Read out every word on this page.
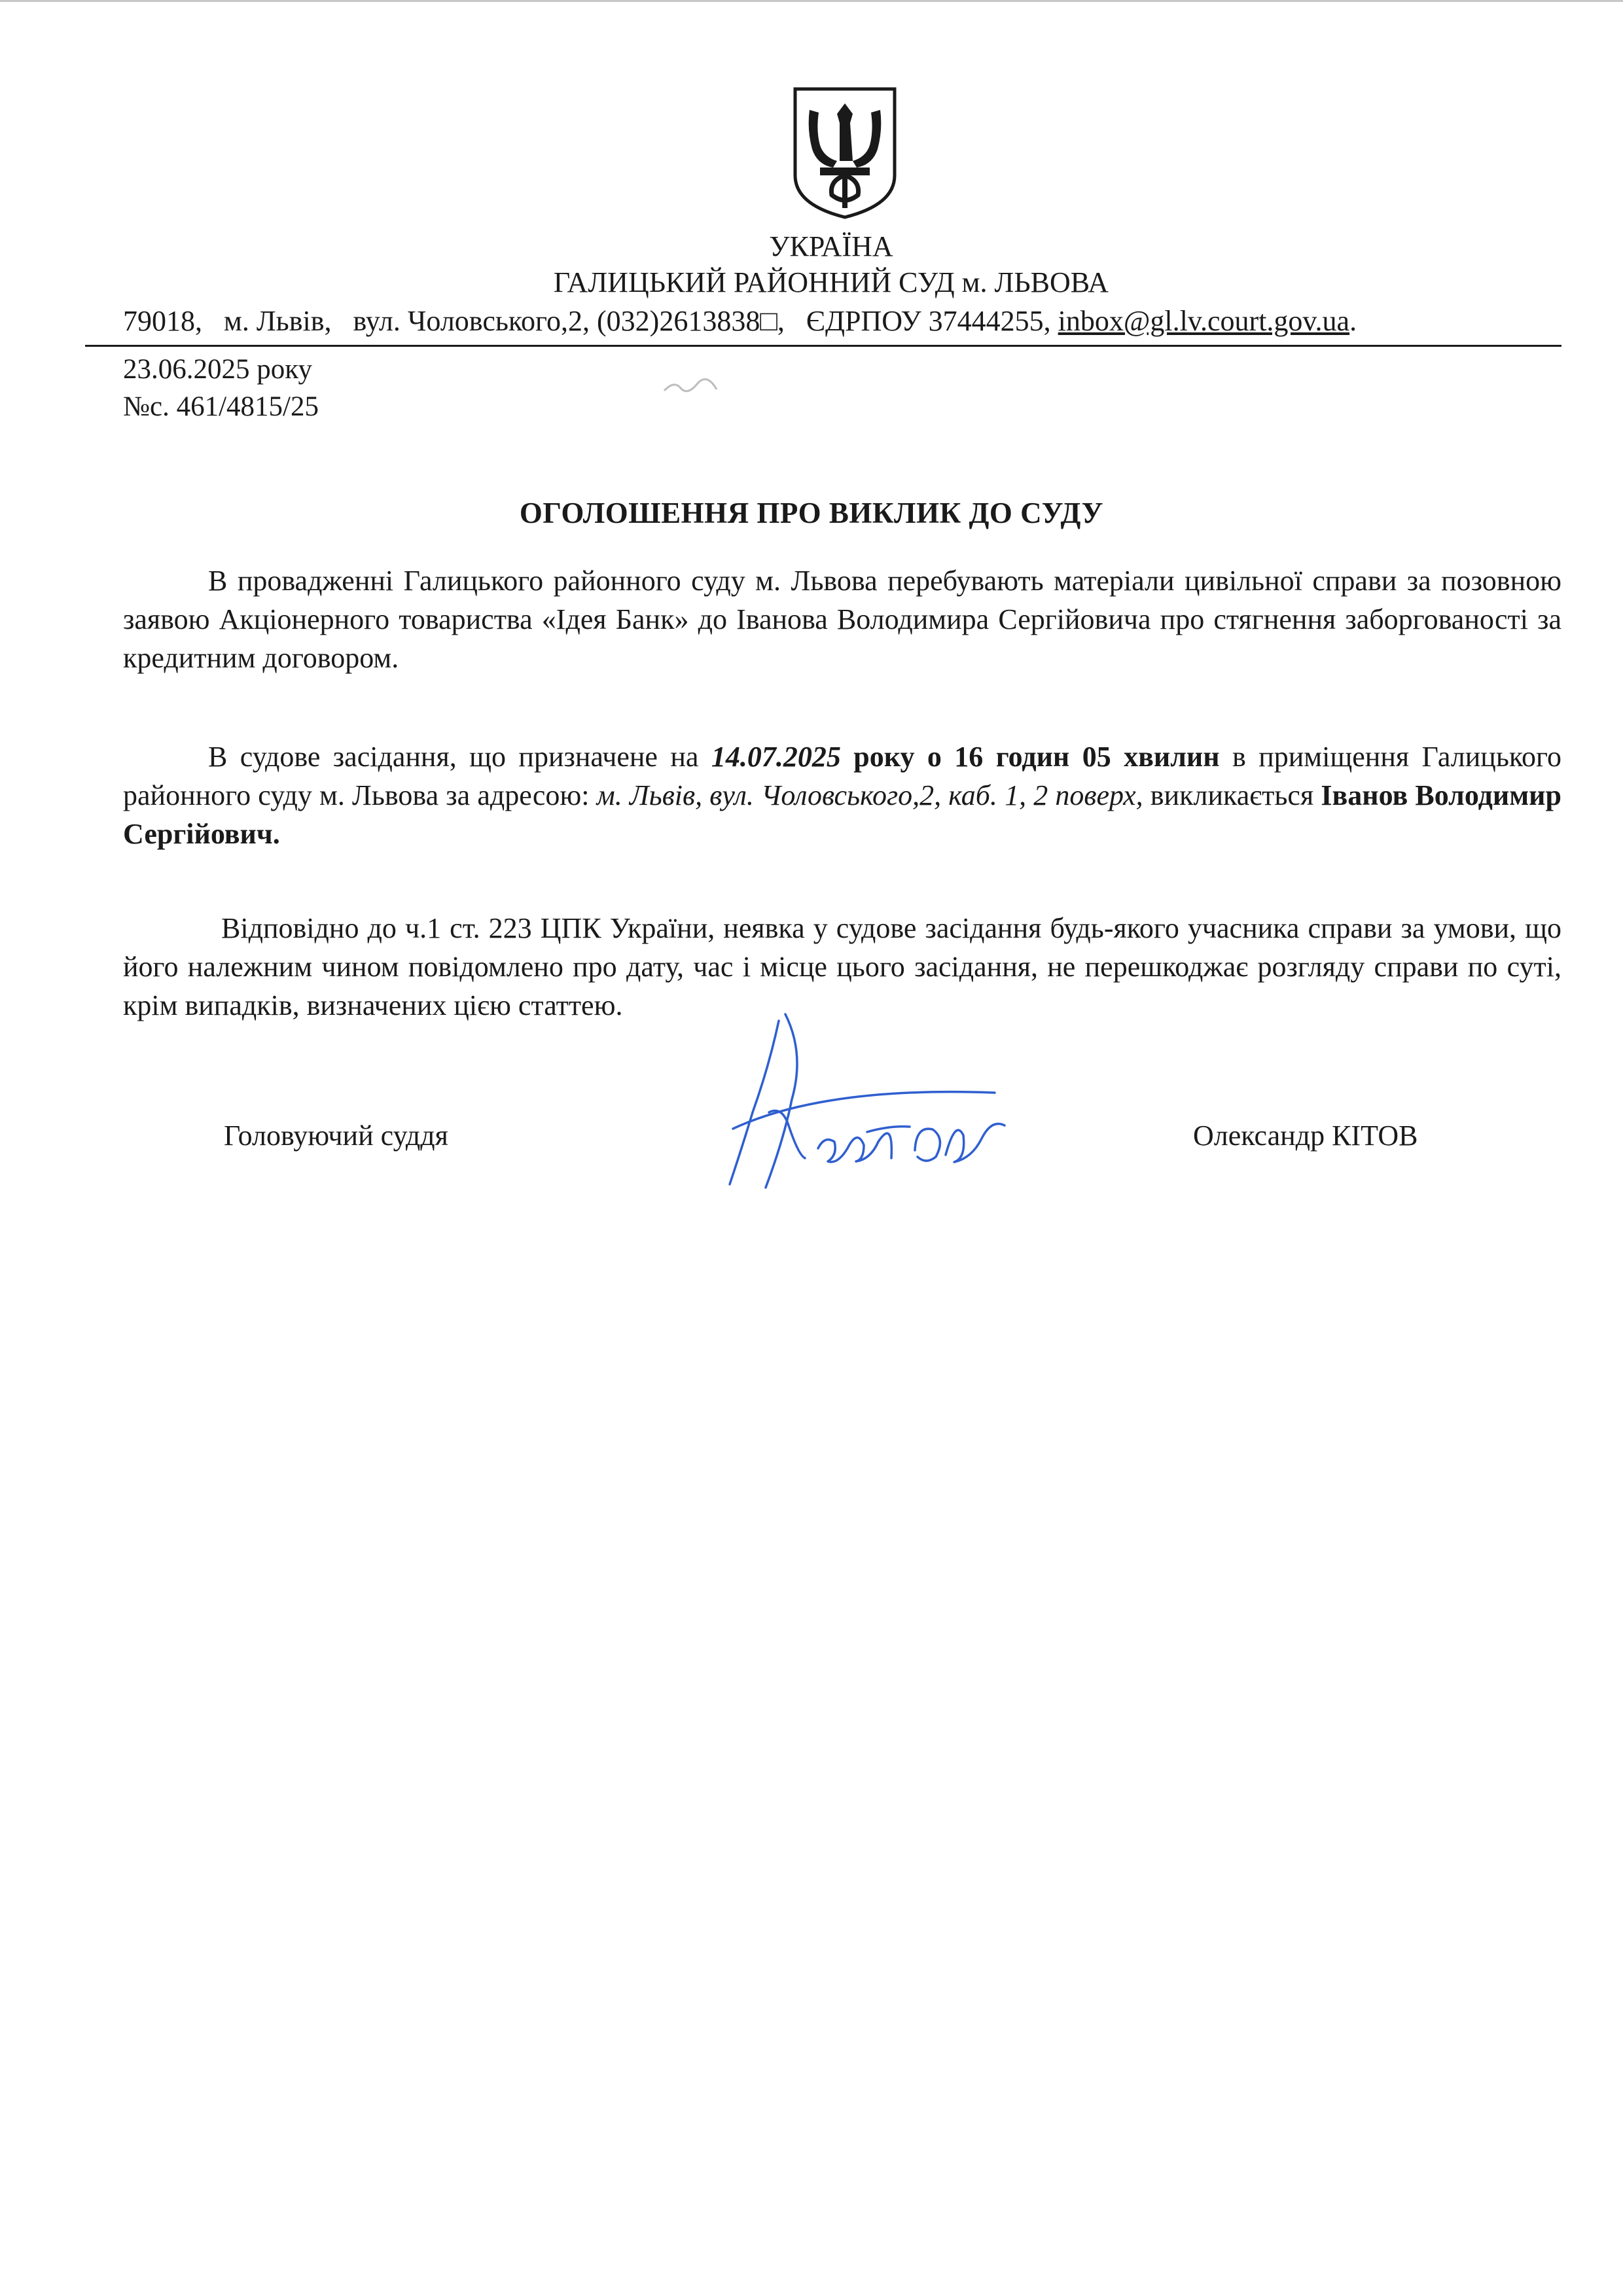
УКРАЇНА
ГАЛИЦЬКИЙ РАЙОННИЙ СУД м. ЛЬВОВА
79018, м. Львів, вул. Чоловського,2, (032)2613838□, ЄДРПОУ 37444255, inbox@gl.lv.court.gov.ua.
23.06.2025 року
№с. 461/4815/25
ОГОЛОШЕННЯ ПРО ВИКЛИК ДО СУДУ
В провадженні Галицького районного суду м. Львова перебувають матеріали цивільної справи за позовною заявою Акціонерного товариства «Ідея Банк» до Іванова Володимира Сергійовича про стягнення заборгованості за кредитним договором.
В судове засідання, що призначене на 14.07.2025 року о 16 годин 05 хвилин в приміщення Галицького районного суду м. Львова за адресою: м. Львів, вул. Чоловського,2, каб. 1, 2 поверх, викликається Іванов Володимир Сергійович.
Відповідно до ч.1 ст. 223 ЦПК України, неявка у судове засідання будь-якого учасника справи за умови, що його належним чином повідомлено про дату, час і місце цього засідання, не перешкоджає розгляду справи по суті, крім випадків, визначених цією статтею.
Головуючий суддя	Олександр КІТОВ
